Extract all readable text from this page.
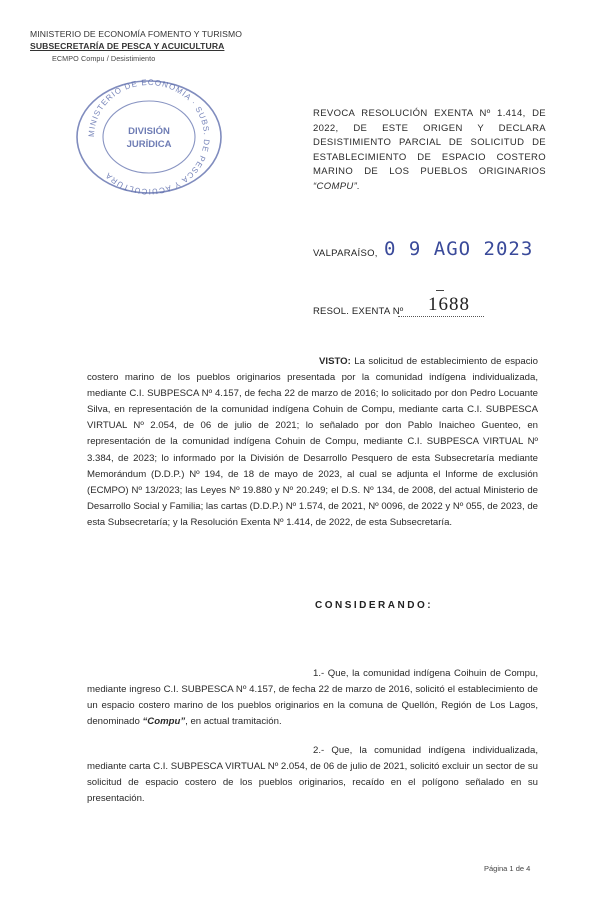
MINISTERIO DE ECONOMÍA FOMENTO Y TURISMO
SUBSECRETARÍA DE PESCA Y ACUICULTURA
ECMPO Compu / Desistimiento
MINISTERIO DE ECONOMÍA · SUBS. DE PESCA Y ACUICULTURA
DIVISIÓN
JURÍDICA
REVOCA RESOLUCIÓN EXENTA Nº 1.414, DE 2022, DE ESTE ORIGEN Y DECLARA DESISTIMIENTO PARCIAL DE SOLICITUD DE ESTABLECIMIENTO DE ESPACIO COSTERO MARINO DE LOS PUEBLOS ORIGINARIOS “COMPU”.
VALPARAÍSO, 0 9 AGO 2023
RESOL. EXENTA Nº 1688
VISTO: La solicitud de establecimiento de espacio costero marino de los pueblos originarios presentada por la comunidad indígena individualizada, mediante C.I. SUBPESCA Nº 4.157, de fecha 22 de marzo de 2016; lo solicitado por don Pedro Locuante Silva, en representación de la comunidad indígena Cohuin de Compu, mediante carta C.I. SUBPESCA VIRTUAL Nº 2.054, de 06 de julio de 2021; lo señalado por don Pablo Inaicheo Guenteo, en representación de la comunidad indígena Cohuin de Compu, mediante C.I. SUBPESCA VIRTUAL Nº 3.384, de 2023; lo informado por la División de Desarrollo Pesquero de esta Subsecretaría mediante Memorándum (D.D.P.) Nº 194, de 18 de mayo de 2023, al cual se adjunta el Informe de exclusión (ECMPO) Nº 13/2023; las Leyes Nº 19.880 y Nº 20.249; el D.S. Nº 134, de 2008, del actual Ministerio de Desarrollo Social y Familia; las cartas (D.D.P.) Nº 1.574, de 2021, Nº 0096, de 2022 y Nº 055, de 2023, de esta Subsecretaría; y la Resolución Exenta Nº 1.414, de 2022, de esta Subsecretaría.
CONSIDERANDO:
1.- Que, la comunidad indígena Coihuin de Compu, mediante ingreso C.I. SUBPESCA Nº 4.157, de fecha 22 de marzo de 2016, solicitó el establecimiento de un espacio costero marino de los pueblos originarios en la comuna de Quellón, Región de Los Lagos, denominado “Compu”, en actual tramitación.
2.- Que, la comunidad indígena individualizada, mediante carta C.I. SUBPESCA VIRTUAL Nº 2.054, de 06 de julio de 2021, solicitó excluir un sector de su solicitud de espacio costero de los pueblos originarios, recaído en el polígono señalado en su presentación.
Página 1 de 4
